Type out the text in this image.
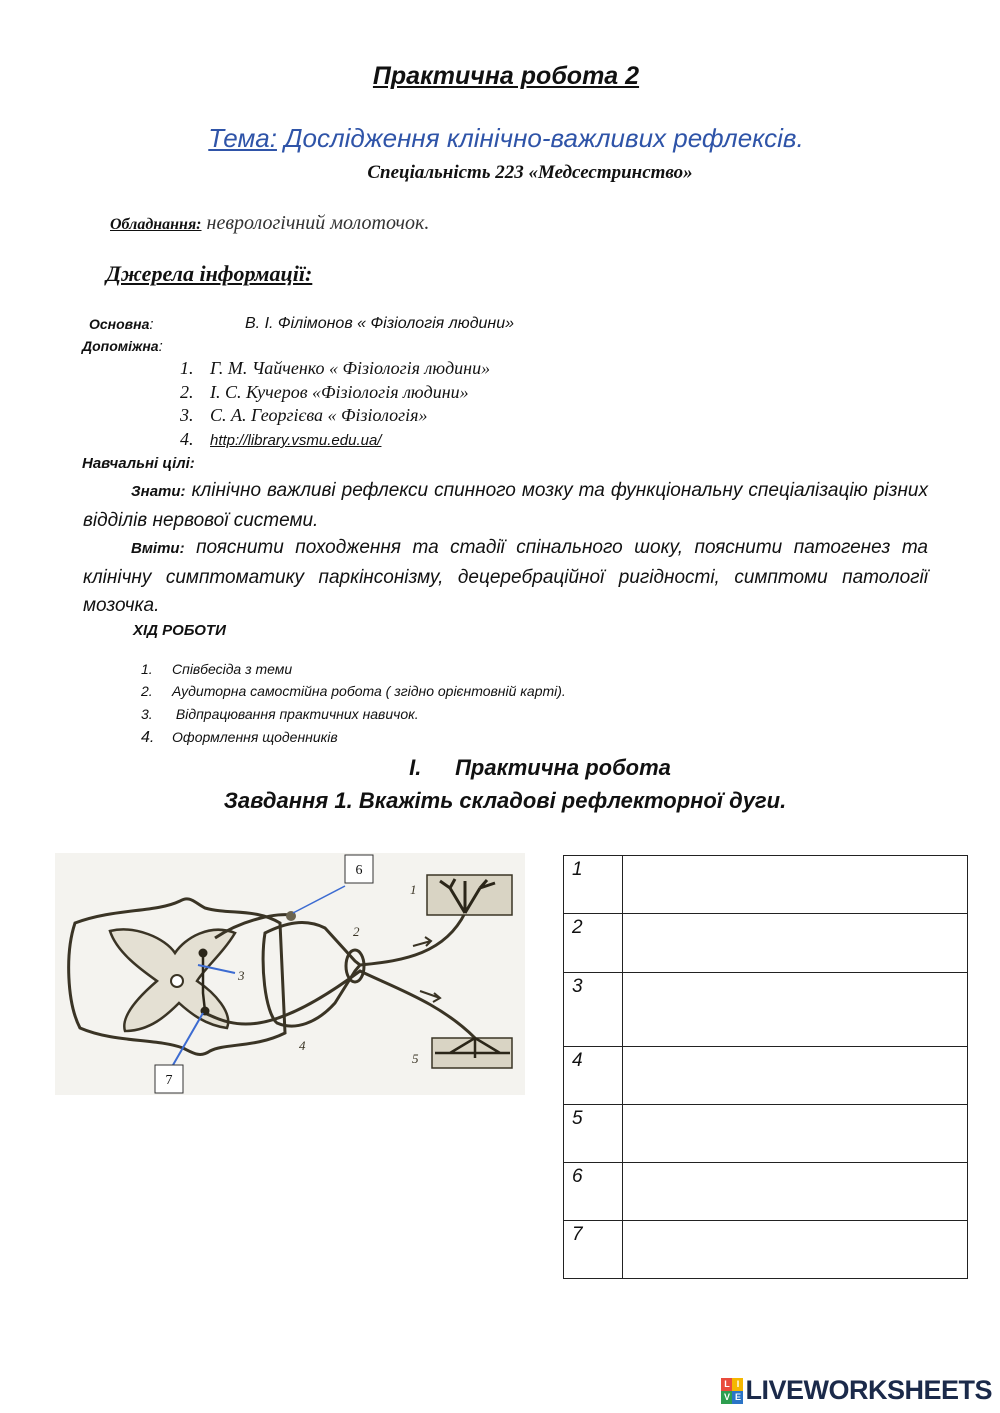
Практична робота 2
Тема: Дослідження клінічно-важливих рефлексів.
Спеціальність 223 «Медсестринство»
Обладнання: неврологічний молоточок.
Джерела інформації:
Основна:	В. І. Філімонов « Фізіологія людини»
Допоміжна:
1. Г. М. Чайченко « Фізіологія людини»
2. І. С. Кучеров «Фізіологія людини»
3. С. А. Георгієва « Фізіологія»
4. http://library.vsmu.edu.ua/
Навчальні цілі:
Знати: клінічно важливі рефлекси спинного мозку та функціональну спеціалізацію різних відділів нервової системи.
Вміти: пояснити походження та стадії спінального шоку, пояснити патогенез та клінічну симптоматику паркінсонізму, децеребраційної ригідності, симптоми патології мозочка.
ХІД РОБОТИ
1. Співбесіда з теми
2. Аудиторна самостійна робота ( згідно орієнтовній карті).
3. Відпрацювання практичних навичок.
4. Оформлення щоденників
I. Практична робота
Завдання 1. Вкажіть складові рефлекторної дуги.
1
2
3
4
5
6
7
1	
2	
3	
4	
5	
6	
7	
L I
V E LIVEWORKSHEETS
